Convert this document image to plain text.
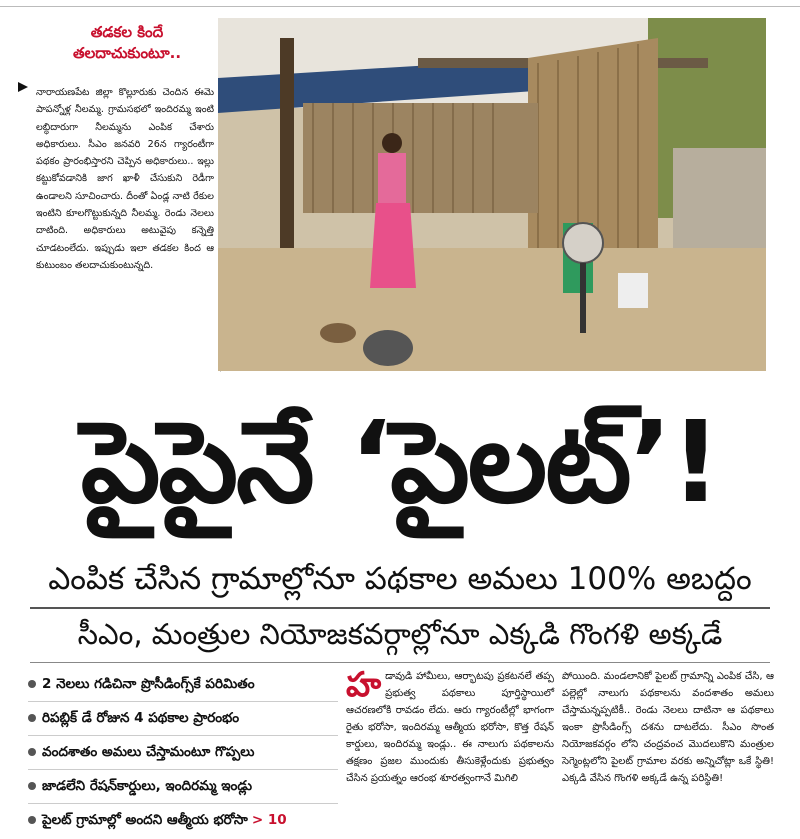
తడకల కిందే
తలదాచుకుంటూ..
నారాయణపేట జిల్లా కొల్లూరుకు చెందిన ఈమె పాపన్నోళ్ల నీలమ్మ. గ్రామసభలో ఇందిరమ్మ ఇంటి లబ్ధిదారుగా నీలమ్మను ఎంపిక చేశారు అధికారులు. సీఎం జనవరి 26న గ్యారంటీగా పథకం ప్రారంభిస్తారని చెప్పిన అధికారులు.. ఇల్లు కట్టుకోవడానికి జాగ ఖాళీ చేసుకుని రెడీగా ఉండాలని సూచించారు. దీంతో ఏండ్ల నాటి రేకుల ఇంటిని కూలగొట్టుకున్నది నీలమ్మ. రెండు నెలలు దాటింది. అధికారులు అటువైపు కన్నెత్తి చూడటంలేదు. ఇప్పుడు ఇలా తడకల కింద ఆ కుటుంబం తలదాచుకుంటున్నది.
పైపైనే ‘పైలట్’!
ఎంపిక చేసిన గ్రామాల్లోనూ పథకాల అమలు 100% అబద్ధం
సీఎం, మంత్రుల నియోజకవర్గాల్లోనూ ఎక్కడి గొంగళి అక్కడే
2 నెలలు గడిచినా ప్రొసీడింగ్స్‌కే పరిమితం
రిపబ్లిక్ డే రోజున 4 పథకాల ప్రారంభం
వందశాతం అమలు చేస్తామంటూ గొప్పలు
జాడలేని రేషన్‌కార్డులు, ఇందిరమ్మ ఇండ్లు
పైలట్ గ్రామాల్లో అందని ఆత్మీయ భరోసా > 10
హడావుడి హామీలు, ఆర్భాటపు ప్రకటనలే తప్ప ప్రభుత్వ పథకాలు పూర్తిస్థాయిలో ఆచరణలోకి రావడం లేదు. ఆరు గ్యారంటీల్లో భాగంగా రైతు భరోసా, ఇందిరమ్మ ఆత్మీయ భరోసా, కొత్త రేషన్ కార్డులు, ఇందిరమ్మ ఇండ్లు.. ఈ నాలుగు పథకాలను తక్షణం ప్రజల ముందుకు తీసుకెళ్లేందుకు ప్రభుత్వం చేసిన ప్రయత్నం ఆరంభ శూరత్వంగానే మిగిలి
పోయింది. మండలానికో పైలట్ గ్రామాన్ని ఎంపిక చేసి, ఆ పల్లెల్లో నాలుగు పథకాలను వందశాతం అమలు చేస్తామన్నప్పటికీ.. రెండు నెలలు దాటినా ఆ పథకాలు ఇంకా ప్రొసీడింగ్స్ దశను దాటలేదు. సీఎం సొంత నియోజకవర్గం లోని చంద్రవంచ మొదలుకొని మంత్రుల సెగ్మెంట్లలోని పైలట్ గ్రామాల వరకు అన్నిచోట్లా ఒకే స్థితి! ఎక్కడి వేసిన గొంగళి అక్కడే ఉన్న పరిస్థితి!
